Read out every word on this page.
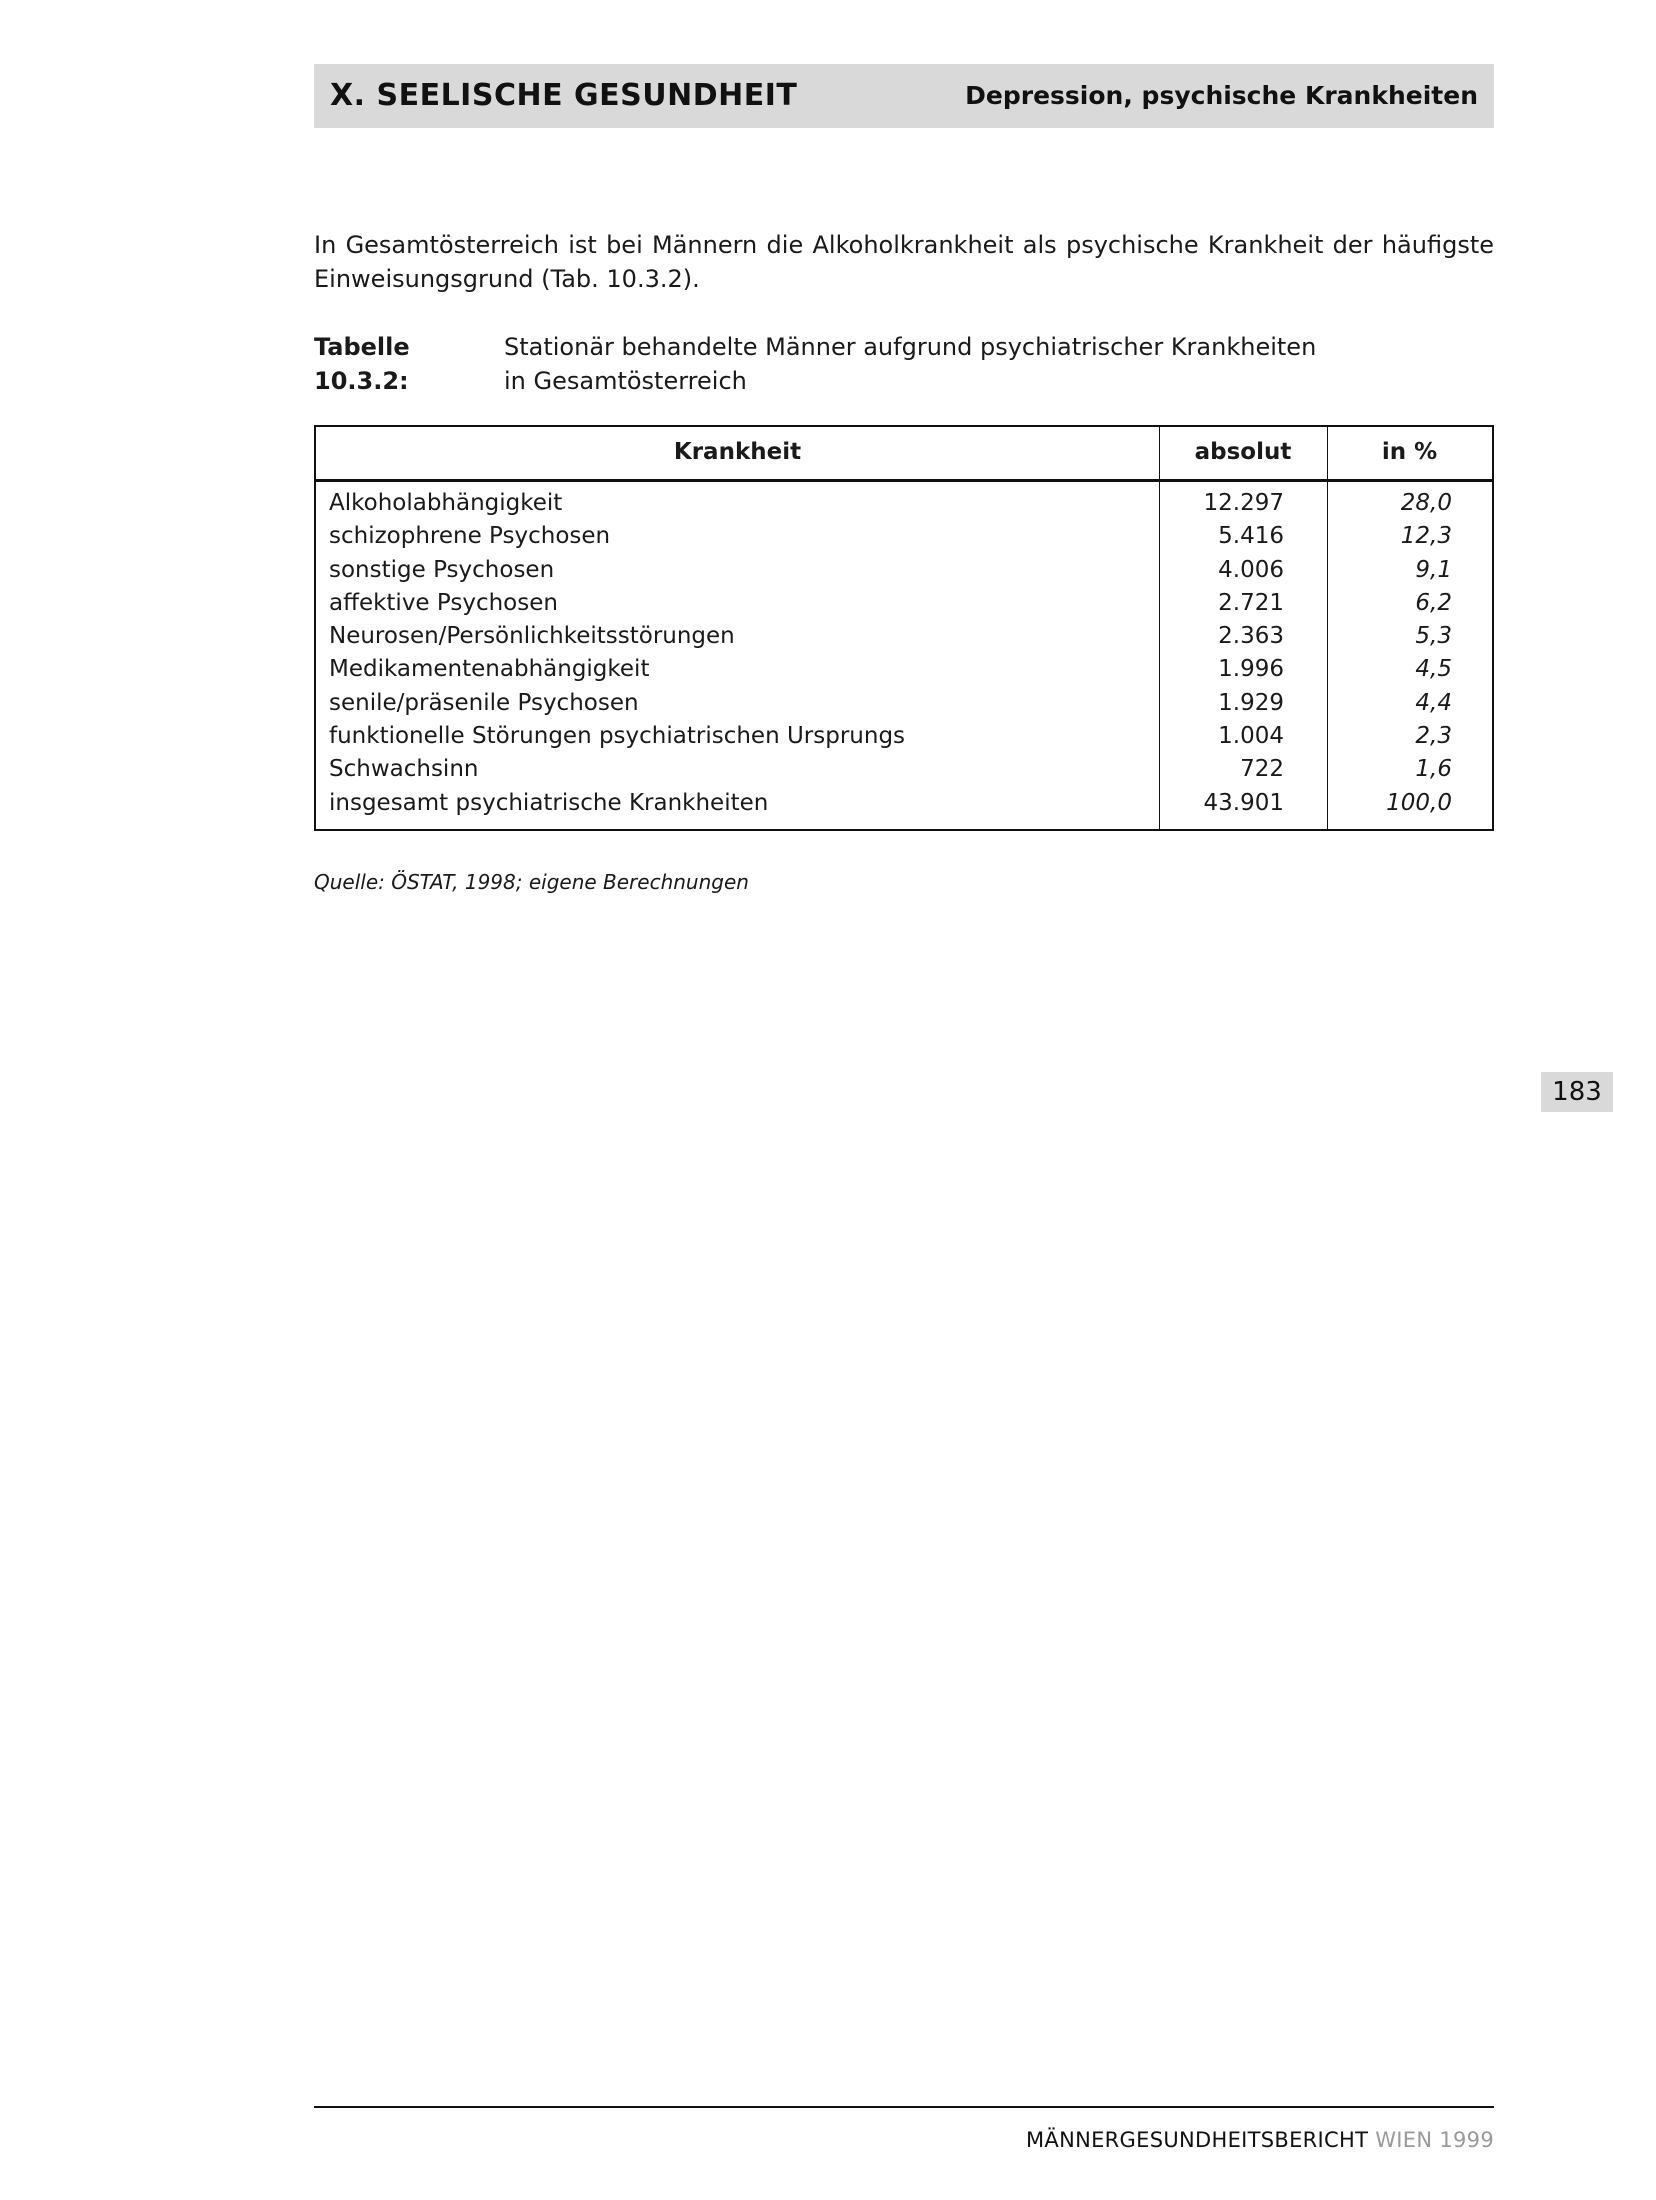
X. SEELISCHE GESUNDHEIT	Depression, psychische Krankheiten

In Gesamtösterreich ist bei Männern die Alkoholkrankheit als psychische Krankheit der häufigste Einweisungsgrund (Tab. 10.3.2).

Tabelle 10.3.2:
Stationär behandelte Männer aufgrund psychiatrischer Krankheiten in Gesamtösterreich
Krankheit	absolut	in %
Alkoholabhängigkeit	12.297	28,0
schizophrene Psychosen	5.416	12,3
sonstige Psychosen	4.006	9,1
affektive Psychosen	2.721	6,2
Neurosen/Persönlichkeitsstörungen	2.363	5,3
Medikamentenabhängigkeit	1.996	4,5
senile/präsenile Psychosen	1.929	4,4
funktionelle Störungen psychiatrischen Ursprungs	1.004	2,3
Schwachsinn	722	1,6
insgesamt psychiatrische Krankheiten	43.901	100,0
Quelle: ÖSTAT, 1998; eigene Berechnungen
183
MÄNNERGESUNDHEITSBERICHT WIEN 1999
